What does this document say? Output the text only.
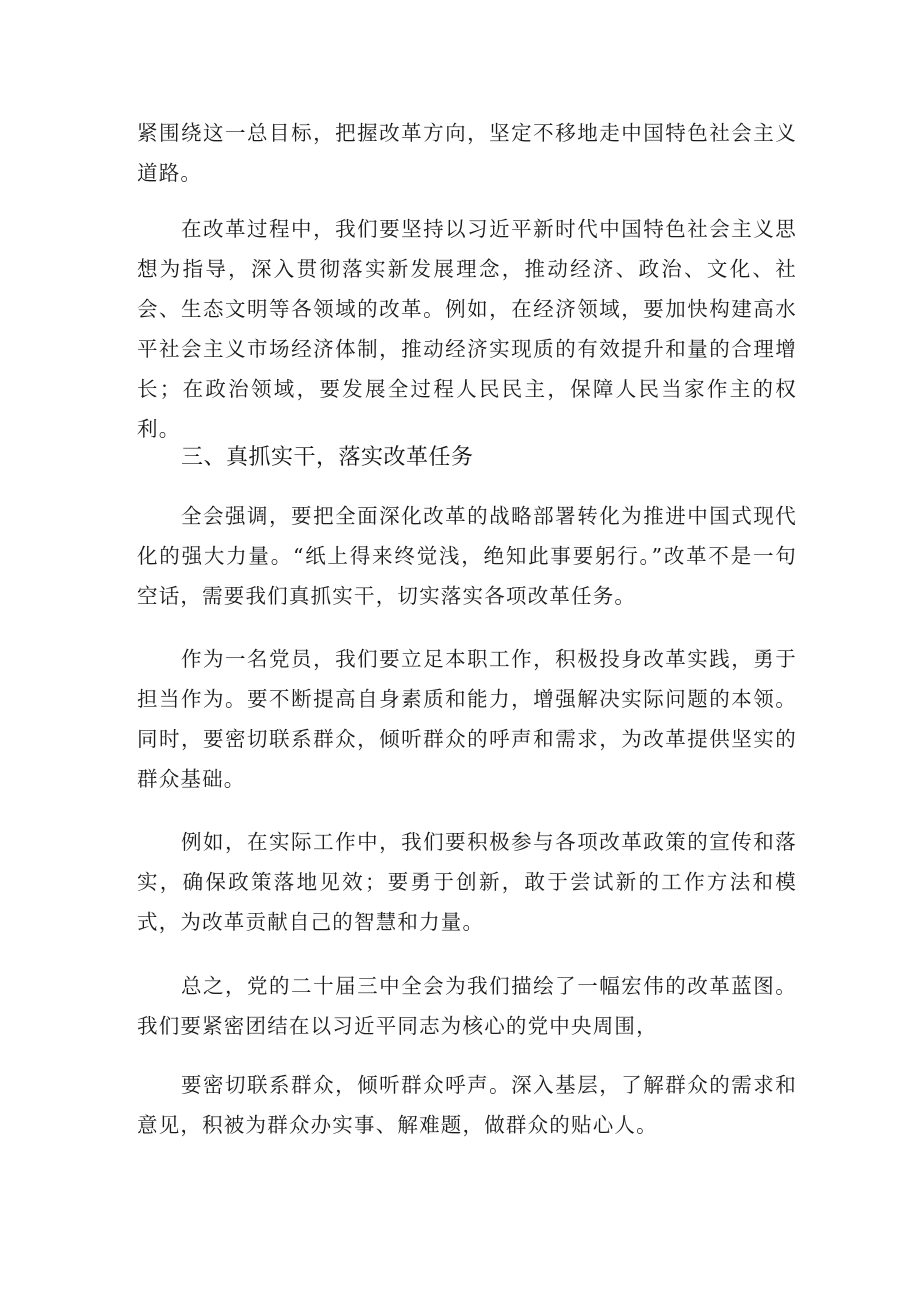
紧围绕这一总目标，把握改革方向，坚定不移地走中国特色社会主义道路。

在改革过程中，我们要坚持以习近平新时代中国特色社会主义思想为指导，深入贯彻落实新发展理念，推动经济、政治、文化、社会、生态文明等各领域的改革。例如，在经济领域，要加快构建高水平社会主义市场经济体制，推动经济实现质的有效提升和量的合理增长；在政治领域，要发展全过程人民民主，保障人民当家作主的权利。

三、真抓实干，落实改革任务

全会强调，要把全面深化改革的战略部署转化为推进中国式现代化的强大力量。“纸上得来终觉浅，绝知此事要躬行。”改革不是一句空话，需要我们真抓实干，切实落实各项改革任务。

作为一名党员，我们要立足本职工作，积极投身改革实践，勇于担当作为。要不断提高自身素质和能力，增强解决实际问题的本领。同时，要密切联系群众，倾听群众的呼声和需求，为改革提供坚实的群众基础。

例如，在实际工作中，我们要积极参与各项改革政策的宣传和落实，确保政策落地见效；要勇于创新，敢于尝试新的工作方法和模式，为改革贡献自己的智慧和力量。

总之，党的二十届三中全会为我们描绘了一幅宏伟的改革蓝图。我们要紧密团结在以习近平同志为核心的党中央周围，

要密切联系群众，倾听群众呼声。深入基层，了解群众的需求和意见，积被为群众办实事、解难题，做群众的贴心人。
